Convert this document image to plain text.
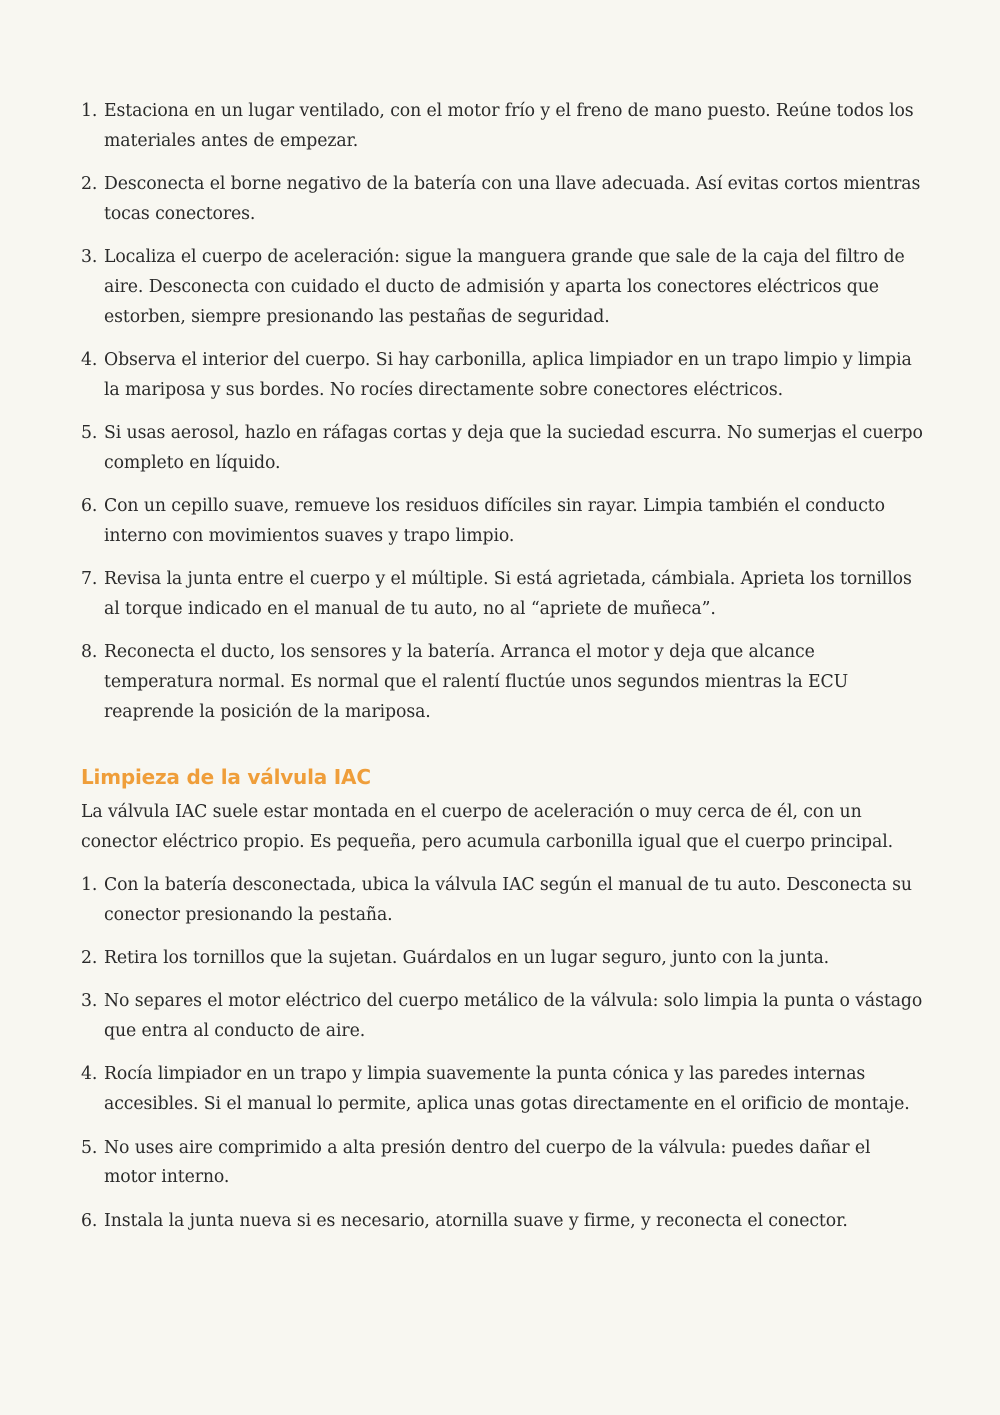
1. Estaciona en un lugar ventilado, con el motor frío y el freno de mano puesto. Reúne todos los materiales antes de empezar.
2. Desconecta el borne negativo de la batería con una llave adecuada. Así evitas cortos mientras tocas conectores.
3. Localiza el cuerpo de aceleración: sigue la manguera grande que sale de la caja del filtro de aire. Desconecta con cuidado el ducto de admisión y aparta los conectores eléctricos que estorben, siempre presionando las pestañas de seguridad.
4. Observa el interior del cuerpo. Si hay carbonilla, aplica limpiador en un trapo limpio y limpia la mariposa y sus bordes. No rocíes directamente sobre conectores eléctricos.
5. Si usas aerosol, hazlo en ráfagas cortas y deja que la suciedad escurra. No sumerjas el cuerpo completo en líquido.
6. Con un cepillo suave, remueve los residuos difíciles sin rayar. Limpia también el conducto interno con movimientos suaves y trapo limpio.
7. Revisa la junta entre el cuerpo y el múltiple. Si está agrietada, cámbiala. Aprieta los tornillos al torque indicado en el manual de tu auto, no al “apriete de muñeca”.
8. Reconecta el ducto, los sensores y la batería. Arranca el motor y deja que alcance temperatura normal. Es normal que el ralentí fluctúe unos segundos mientras la ECU reaprende la posición de la mariposa.
Limpieza de la válvula IAC

La válvula IAC suele estar montada en el cuerpo de aceleración o muy cerca de él, con un conector eléctrico propio. Es pequeña, pero acumula carbonilla igual que el cuerpo principal.

1. Con la batería desconectada, ubica la válvula IAC según el manual de tu auto. Desconecta su conector presionando la pestaña.
2. Retira los tornillos que la sujetan. Guárdalos en un lugar seguro, junto con la junta.
3. No separes el motor eléctrico del cuerpo metálico de la válvula: solo limpia la punta o vástago que entra al conducto de aire.
4. Rocía limpiador en un trapo y limpia suavemente la punta cónica y las paredes internas accesibles. Si el manual lo permite, aplica unas gotas directamente en el orificio de montaje.
5. No uses aire comprimido a alta presión dentro del cuerpo de la válvula: puedes dañar el motor interno.
6. Instala la junta nueva si es necesario, atornilla suave y firme, y reconecta el conector.
